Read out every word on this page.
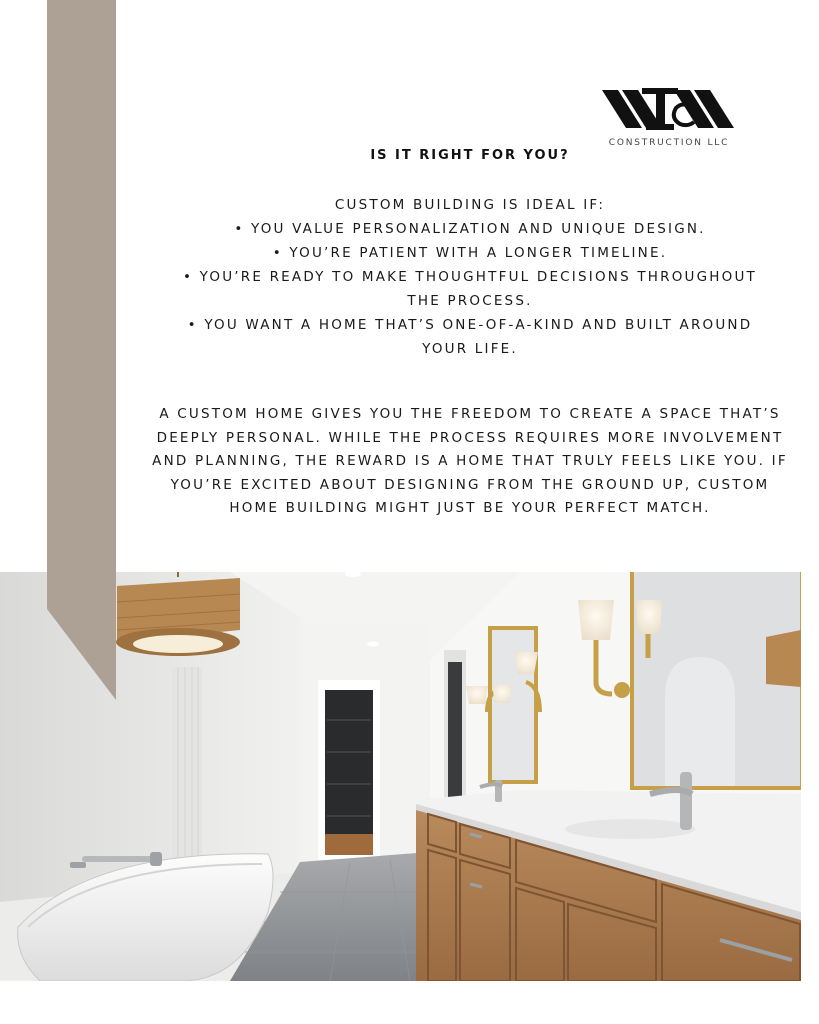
CONSTRUCTION LLC
IS IT RIGHT FOR YOU?

CUSTOM BUILDING IS IDEAL IF:

• YOU VALUE PERSONALIZATION AND UNIQUE DESIGN.

• YOU’RE PATIENT WITH A LONGER TIMELINE.

• YOU’RE READY TO MAKE THOUGHTFUL DECISIONS THROUGHOUT THE PROCESS.

• YOU WANT A HOME THAT’S ONE-OF-A-KIND AND BUILT AROUND YOUR LIFE.

A CUSTOM HOME GIVES YOU THE FREEDOM TO CREATE A SPACE THAT’S DEEPLY PERSONAL. WHILE THE PROCESS REQUIRES MORE INVOLVEMENT AND PLANNING, THE REWARD IS A HOME THAT TRULY FEELS LIKE YOU. IF YOU’RE EXCITED ABOUT DESIGNING FROM THE GROUND UP, CUSTOM HOME BUILDING MIGHT JUST BE YOUR PERFECT MATCH.
